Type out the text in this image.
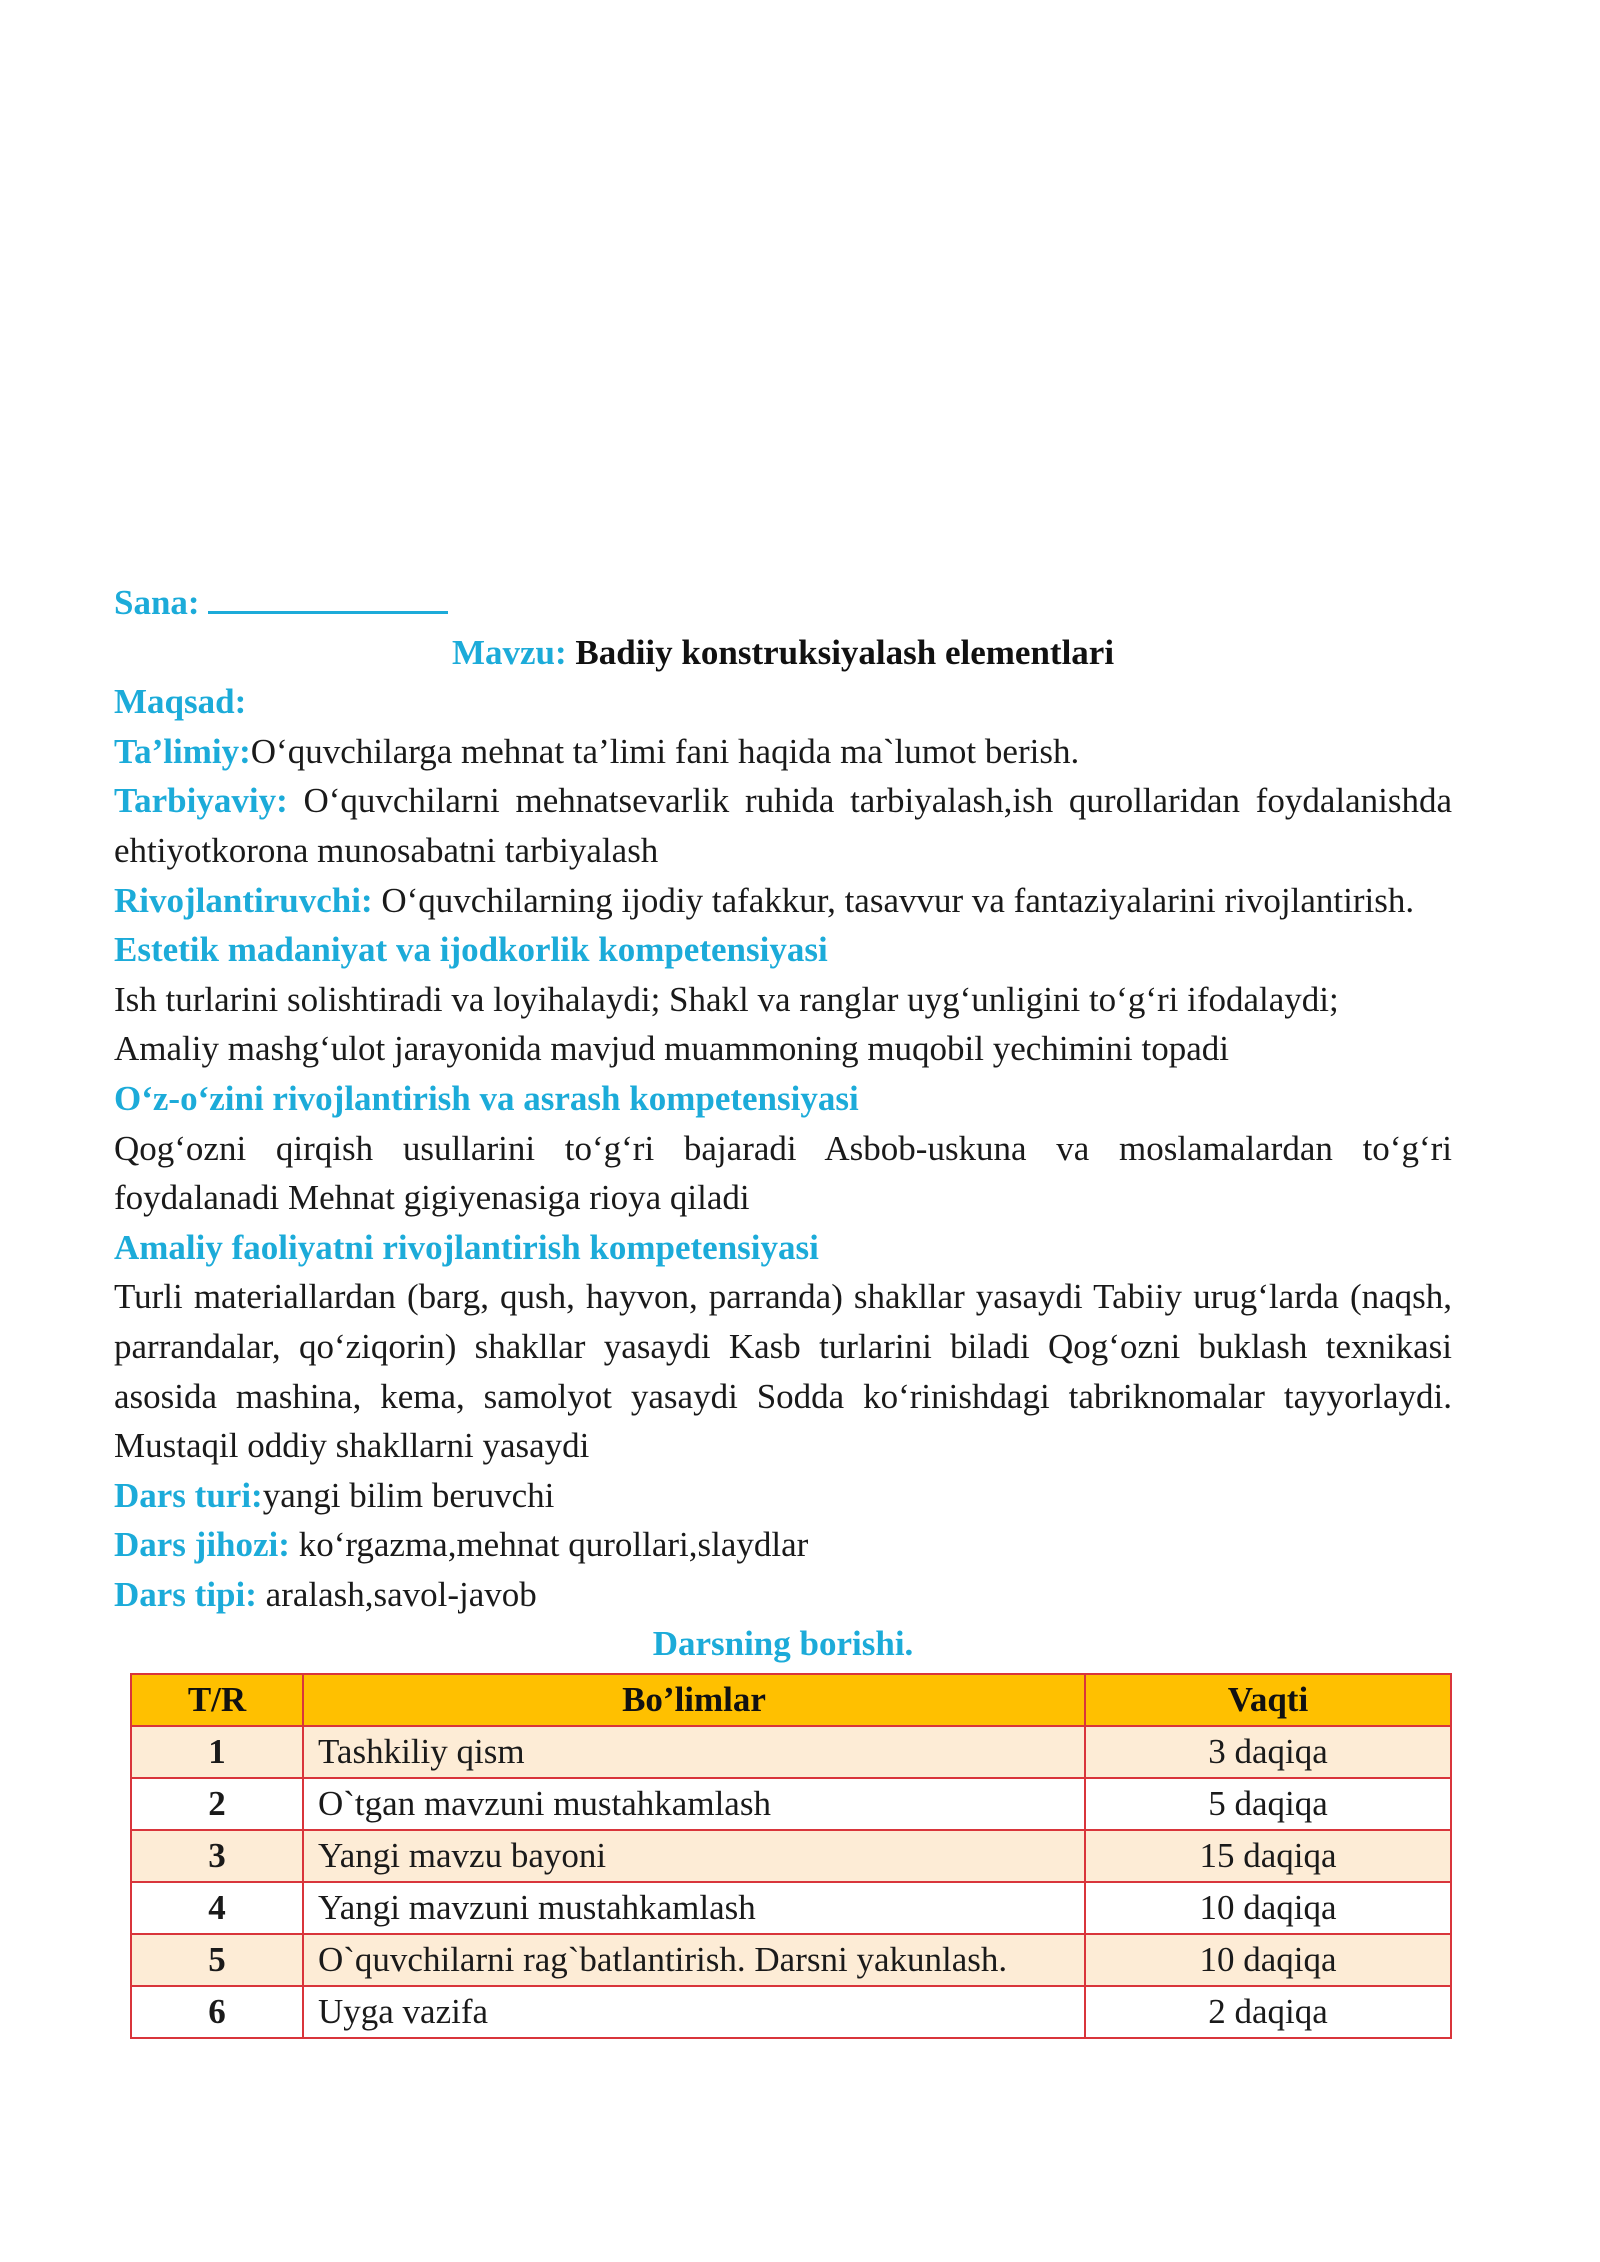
Sana:

Mavzu: Badiiy konstruksiyalash elementlari

Maqsad:

Ta’limiy:O‘quvchilarga mehnat ta’limi fani haqida ma`lumot berish.

Tarbiyaviy: O‘quvchilarni mehnatsevarlik ruhida tarbiyalash,ish qurollaridan foydalanishda ehtiyotkorona munosabatni tarbiyalash

Rivojlantiruvchi: O‘quvchilarning ijodiy tafakkur, tasavvur va fantaziyalarini rivojlantirish.

Estetik madaniyat va ijodkorlik kompetensiyasi

Ish turlarini solishtiradi va loyihalaydi; Shakl va ranglar uyg‘unligini to‘g‘ri ifodalaydi;

Amaliy mashg‘ulot jarayonida mavjud muammoning muqobil yechimini topadi

O‘z-o‘zini rivojlantirish va asrash kompetensiyasi

Qog‘ozni qirqish usullarini to‘g‘ri bajaradi Asbob-uskuna va moslamalardan to‘g‘ri foydalanadi Mehnat gigiyenasiga rioya qiladi

Amaliy faoliyatni rivojlantirish kompetensiyasi

Turli materiallardan (barg, qush, hayvon, parranda) shakllar yasaydi Tabiiy urug‘larda (naqsh, parrandalar, qo‘ziqorin) shakllar yasaydi Kasb turlarini biladi Qog‘ozni buklash texnikasi asosida mashina, kema, samolyot yasaydi Sodda ko‘rinishdagi tabriknomalar tayyorlaydi. Mustaqil oddiy shakllarni yasaydi

Dars turi:yangi bilim beruvchi

Dars jihozi: ko‘rgazma,mehnat qurollari,slaydlar

Dars tipi: aralash,savol-javob

Darsning borishi.

T/R	Bo’limlar	Vaqti
1	Tashkiliy qism	3 daqiqa
2	O`tgan mavzuni mustahkamlash	5 daqiqa
3	Yangi mavzu bayoni	15 daqiqa
4	Yangi mavzuni mustahkamlash	10 daqiqa
5	O`quvchilarni rag`batlantirish. Darsni yakunlash.	10 daqiqa
6	Uyga vazifa	2 daqiqa
